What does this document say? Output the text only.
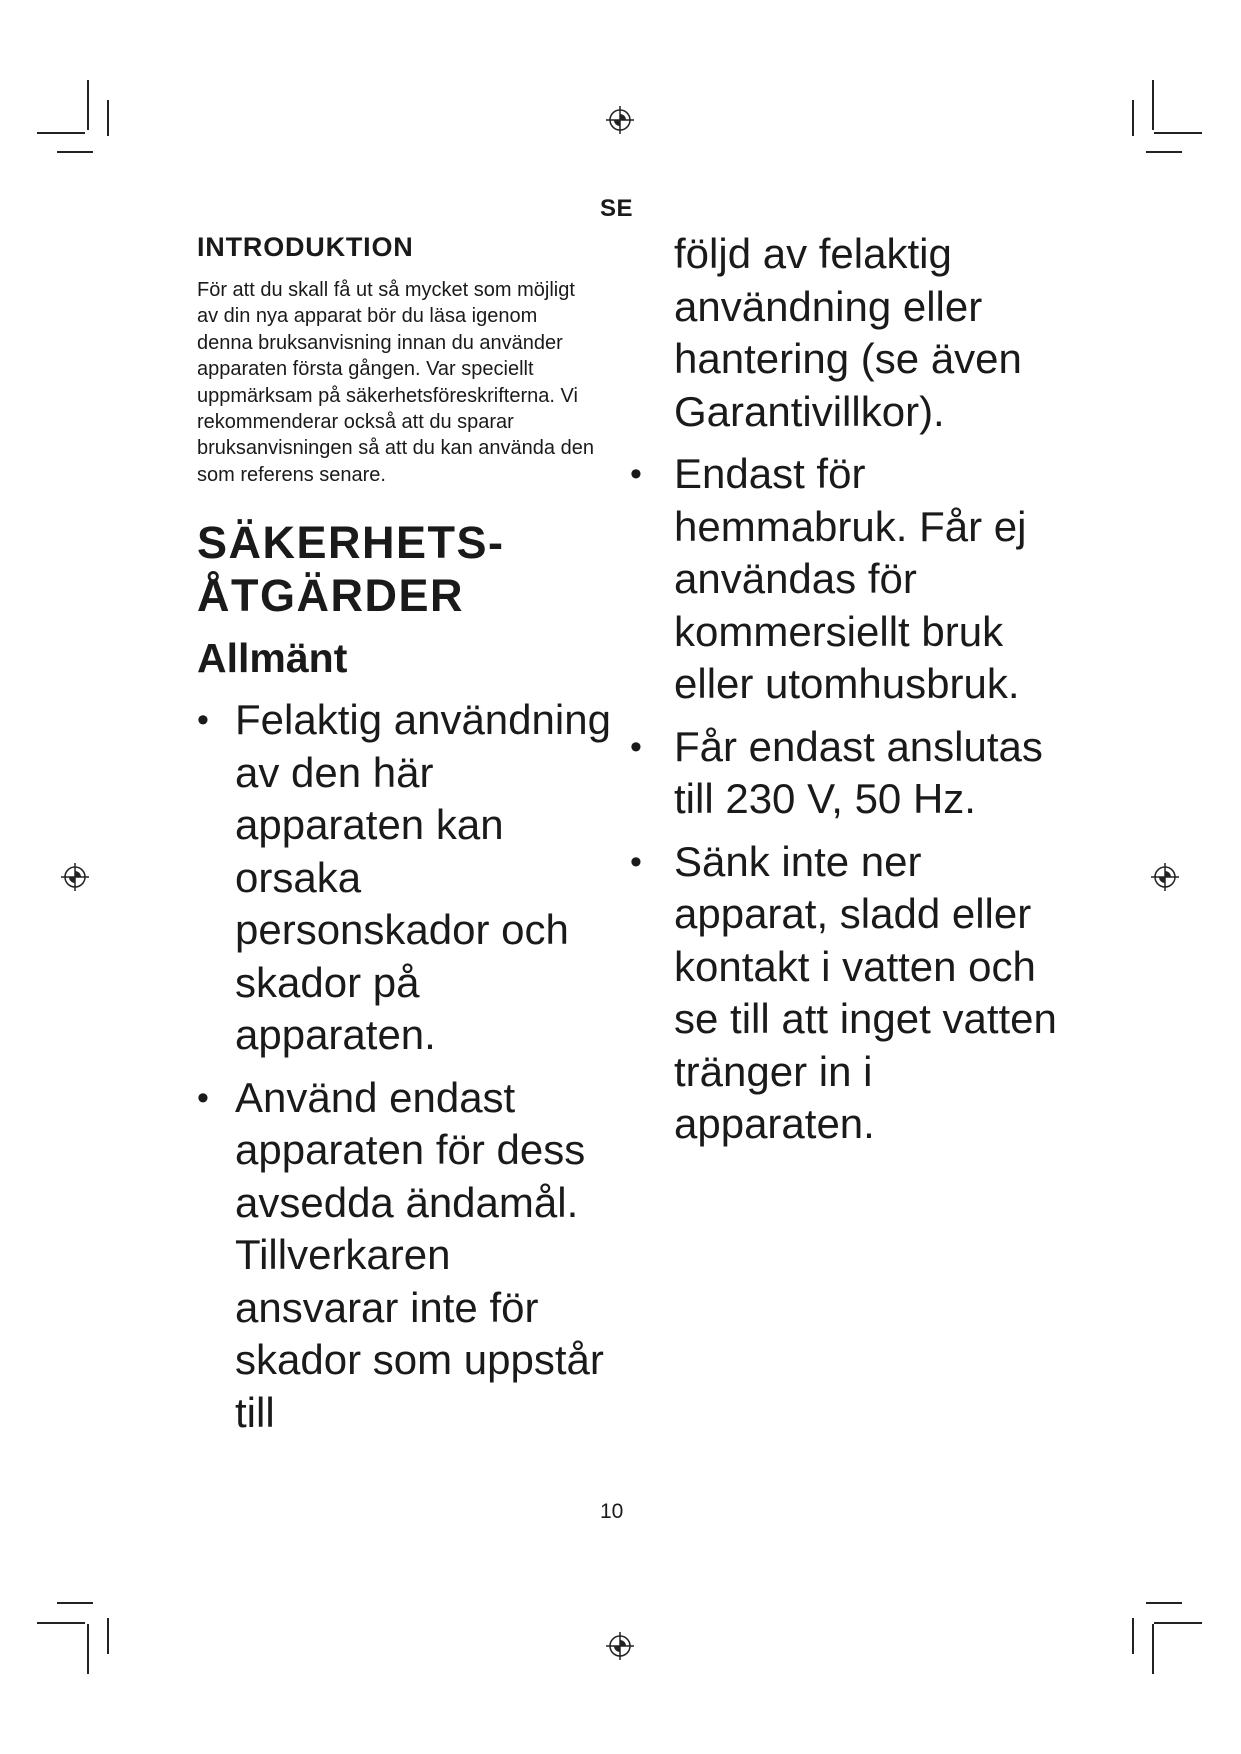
SE
INTRODUKTION

För att du skall få ut så mycket som möjligt av din nya apparat bör du läsa igenom denna bruksanvisning innan du använder apparaten första gången. Var speciellt uppmärksam på säkerhetsföreskrifterna. Vi rekommenderar också att du sparar bruksanvisningen så att du kan använda den som referens senare.

SÄKERHETS-
ÅTGÄRDER
Allmänt
• Felaktig användning av den här apparaten kan orsaka personskador och skador på apparaten.
• Använd endast apparaten för dess avsedda ändamål. Tillverkaren ansvarar inte för skador som uppstår till
följd av felaktig användning eller hantering (se även Garantivillkor).
• Endast för hemmabruk. Får ej användas för kommersiellt bruk eller utomhusbruk.
• Får endast anslutas till 230 V, 50 Hz.
• Sänk inte ner apparat, sladd eller kontakt i vatten och se till att inget vatten tränger in i apparaten.
10
